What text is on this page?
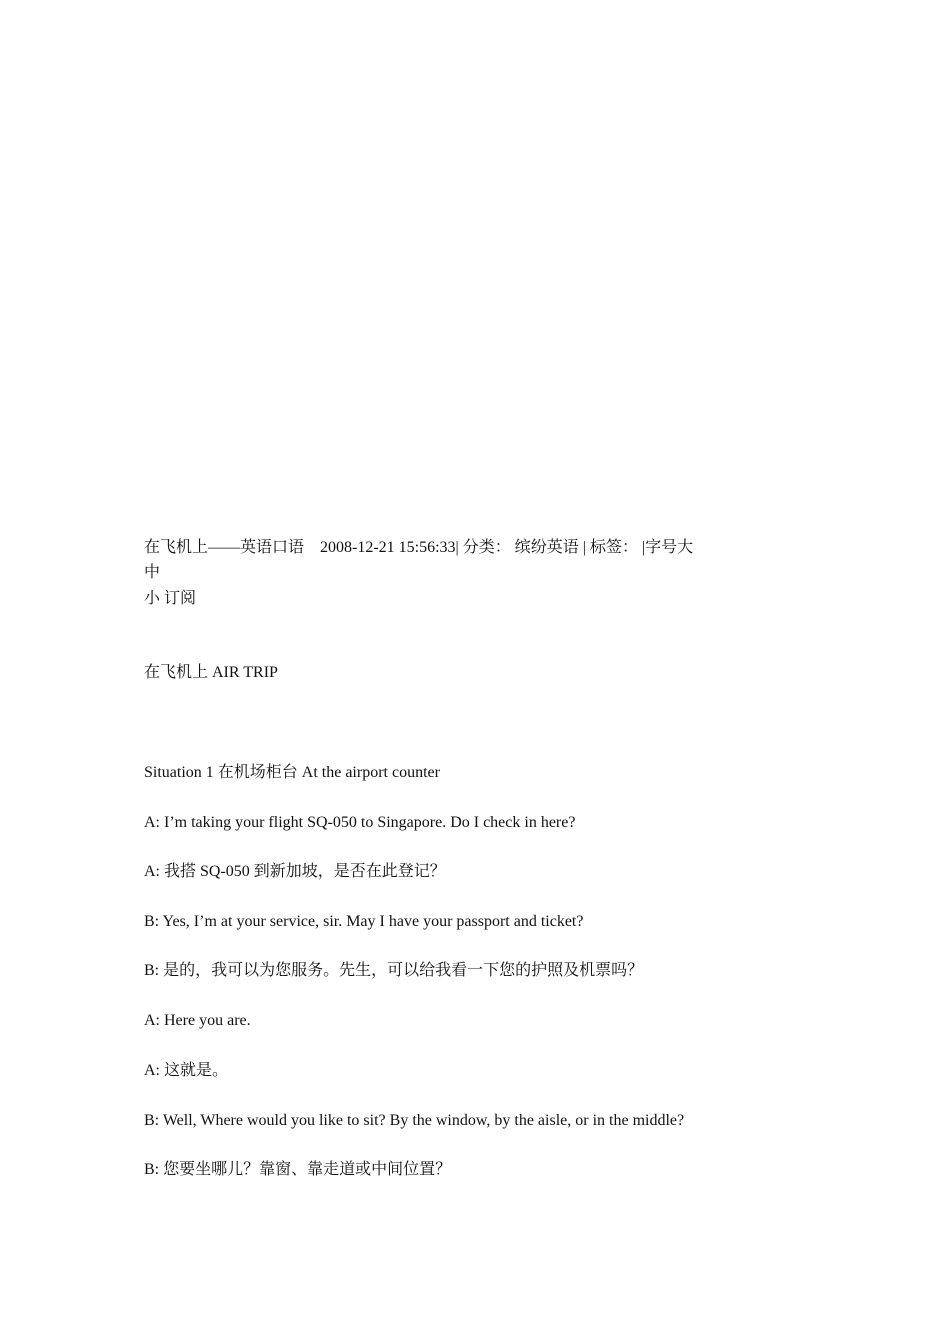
在飞机上——英语口语　2008-12-21 15:56:33| 分类： 缤纷英语 | 标签： |字号大
中
小 订阅
在飞机上 AIR TRIP
Situation 1 在机场柜台 At the airport counter
A: I’m taking your flight SQ-050 to Singapore. Do I check in here?
A: 我搭 SQ-050 到新加坡，是否在此登记？
B: Yes, I’m at your service, sir. May I have your passport and ticket?
B: 是的，我可以为您服务。先生，可以给我看一下您的护照及机票吗？
A: Here you are.
A: 这就是。
B: Well, Where would you like to sit? By the window, by the aisle, or in the middle?
B: 您要坐哪儿？靠窗、靠走道或中间位置？
